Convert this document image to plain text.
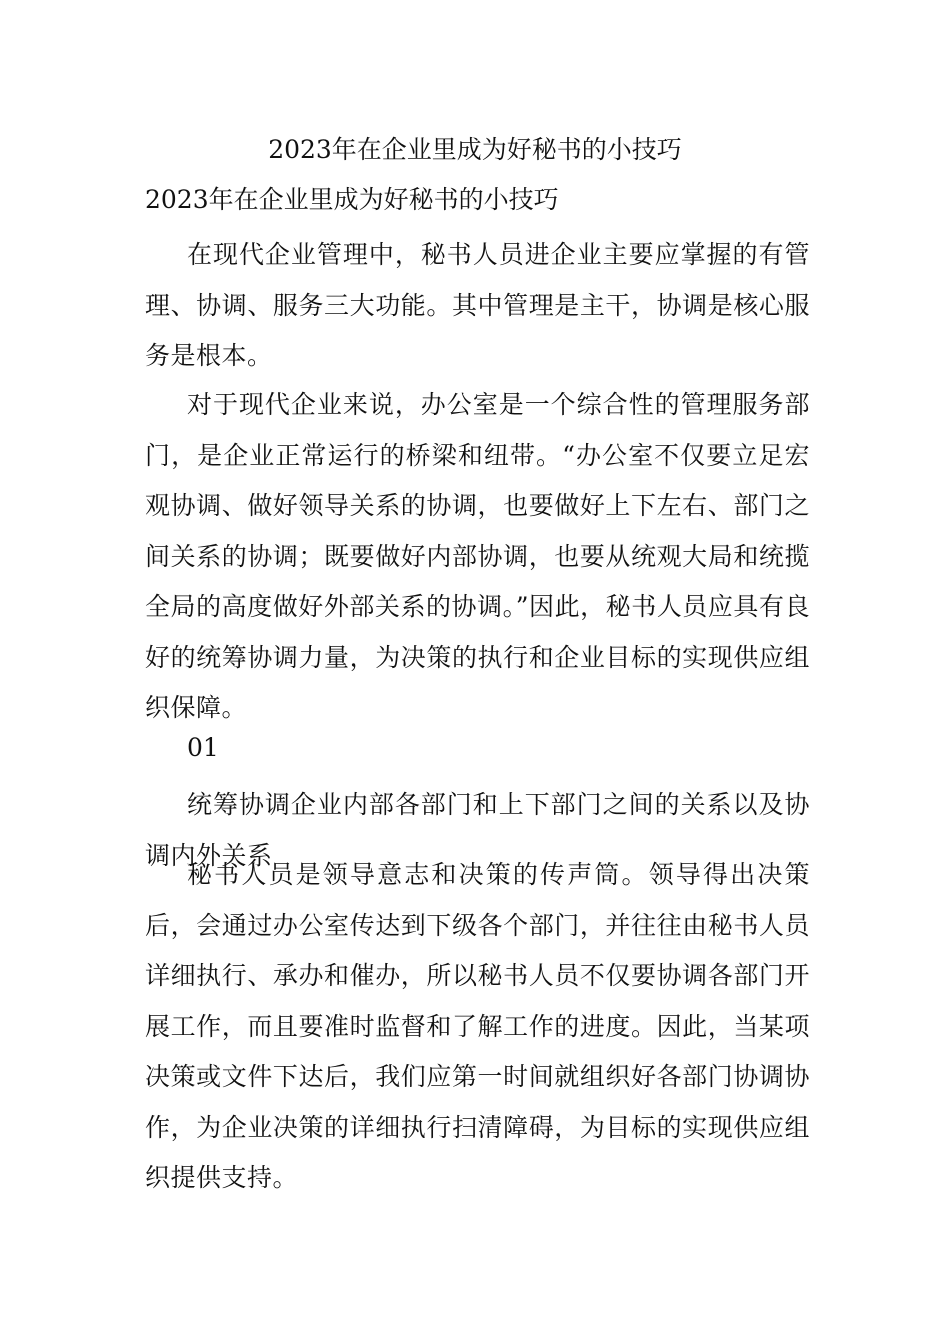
2023年在企业里成为好秘书的小技巧
2023年在企业里成为好秘书的小技巧

在现代企业管理中，秘书人员进企业主要应掌握的有管理、协调、服务三大功能。其中管理是主干，协调是核心服务是根本。

对于现代企业来说，办公室是一个综合性的管理服务部门，是企业正常运行的桥梁和纽带。“办公室不仅要立足宏观协调、做好领导关系的协调，也要做好上下左右、部门之间关系的协调；既要做好内部协调，也要从统观大局和统揽全局的高度做好外部关系的协调。”因此，秘书人员应具有良好的统筹协调力量，为决策的执行和企业目标的实现供应组织保障。

01

统筹协调企业内部各部门和上下部门之间的关系以及协调内外关系

秘书人员是领导意志和决策的传声筒。领导得出决策后，会通过办公室传达到下级各个部门，并往往由秘书人员详细执行、承办和催办，所以秘书人员不仅要协调各部门开展工作，而且要准时监督和了解工作的进度。因此，当某项决策或文件下达后，我们应第一时间就组织好各部门协调协作，为企业决策的详细执行扫清障碍，为目标的实现供应组织提供支持。
